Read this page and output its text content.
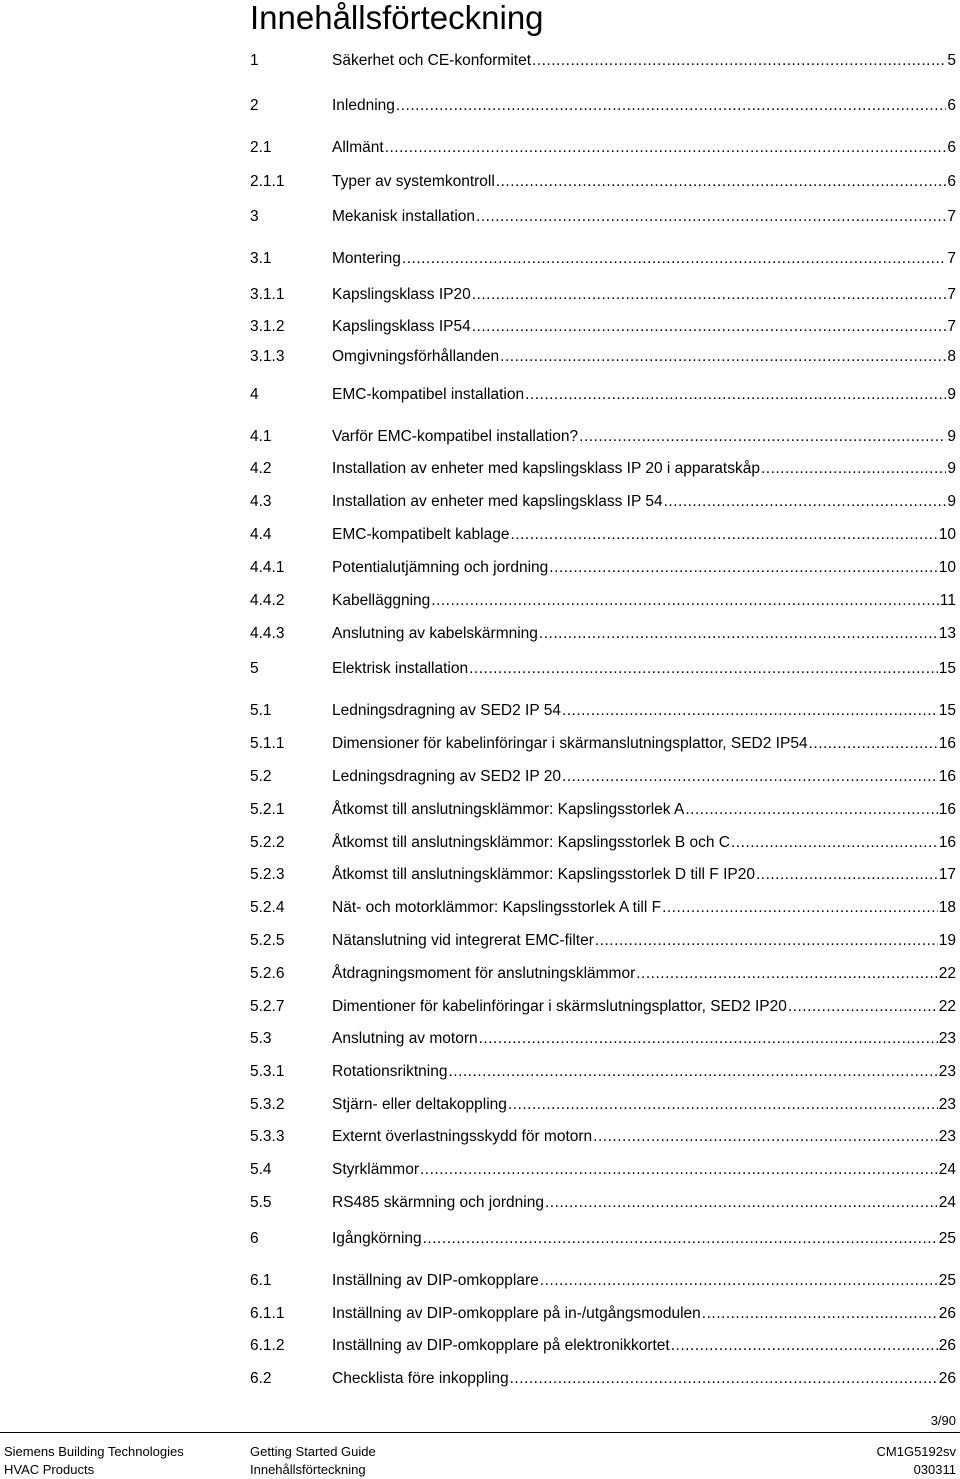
Innehållsförteckning
1	Säkerhet och CE-konformitet .....	5
2	Inledning .....	6
2.1	Allmänt .....	6
2.1.1	Typer av systemkontroll .....	6
3	Mekanisk installation .....	7
3.1	Montering .....	7
3.1.1	Kapslingsklass IP20 .....	7
3.1.2	Kapslingsklass IP54 .....	7
3.1.3	Omgivningsförhållanden .....	8
4	EMC-kompatibel installation .....	9
4.1	Varför EMC-kompatibel installation? .....	9
4.2	Installation av enheter med kapslingsklass IP 20 i apparatskåp .....	9
4.3	Installation av enheter med kapslingsklass IP 54 .....	9
4.4	EMC-kompatibelt kablage .....	10
4.4.1	Potentialutjämning och jordning .....	10
4.4.2	Kabelläggning .....	11
4.4.3	Anslutning av kabelskärmning .....	13
5	Elektrisk installation .....	15
5.1	Ledningsdragning av SED2 IP 54 .....	15
5.1.1	Dimensioner för kabelinföringar i skärmanslutningsplattor, SED2 IP54 .....	16
5.2	Ledningsdragning av SED2 IP 20 .....	16
5.2.1	Åtkomst till anslutningsklämmor: Kapslingsstorlek A .....	16
5.2.2	Åtkomst till anslutningsklämmor: Kapslingsstorlek B och C .....	16
5.2.3	Åtkomst till anslutningsklämmor: Kapslingsstorlek D till F IP20 .....	17
5.2.4	Nät- och motorklämmor: Kapslingsstorlek A till F .....	18
5.2.5	Nätanslutning vid integrerat EMC-filter .....	19
5.2.6	Åtdragningsmoment för anslutningsklämmor .....	22
5.2.7	Dimentioner för kabelinföringar i skärmslutningsplattor, SED2 IP20 .....	22
5.3	Anslutning av motorn .....	23
5.3.1	Rotationsriktning .....	23
5.3.2	Stjärn- eller deltakoppling .....	23
5.3.3	Externt överlastningsskydd för motorn .....	23
5.4	Styrklämmor .....	24
5.5	RS485 skärmning och jordning .....	24
6	Igångkörning .....	25
6.1	Inställning av DIP-omkopplare .....	25
6.1.1	Inställning av DIP-omkopplare på in-/utgångsmodulen .....	26
6.1.2	Inställning av DIP-omkopplare på elektronikkortet .....	26
6.2	Checklista före inkoppling .....	26
3/90
Siemens Building Technologies
HVAC Products
Getting Started Guide
Innehållsförteckning
CM1G5192sv
030311
